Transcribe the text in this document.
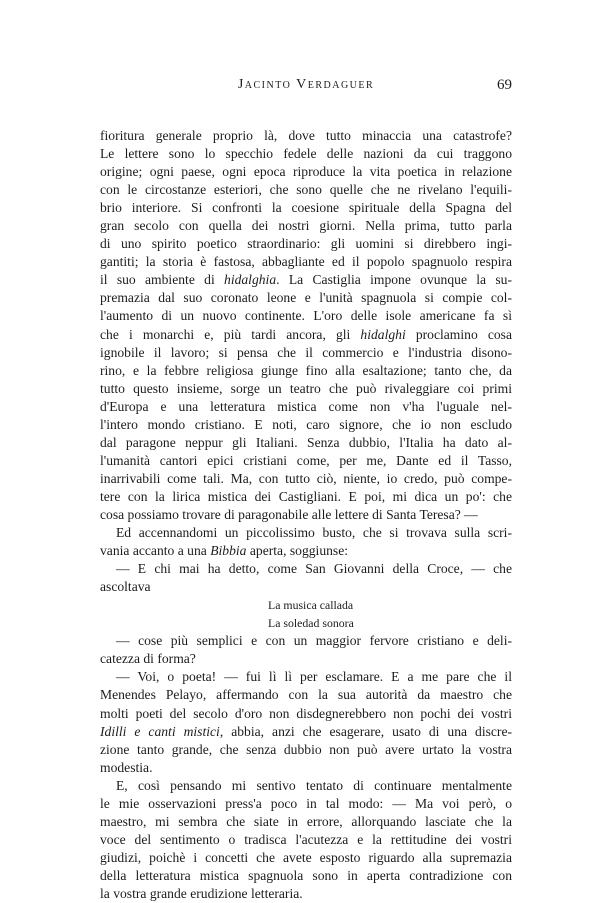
Jacinto Verdaguer	69
fioritura generale proprio là, dove tutto minaccia una catastrofe?
Le lettere sono lo specchio fedele delle nazioni da cui traggono
origine; ogni paese, ogni epoca riproduce la vita poetica in relazione
con le circostanze esteriori, che sono quelle che ne rivelano l'equili-
brio interiore. Si confronti la coesione spirituale della Spagna del
gran secolo con quella dei nostri giorni. Nella prima, tutto parla
di uno spirito poetico straordinario: gli uomini si direbbero ingi-
gantiti; la storia è fastosa, abbagliante ed il popolo spagnuolo respira
il suo ambiente di hidalghia. La Castiglia impone ovunque la su-
premazia dal suo coronato leone e l'unità spagnuola si compie col-
l'aumento di un nuovo continente. L'oro delle isole americane fa sì
che i monarchi e, più tardi ancora, gli hidalghi proclamino cosa
ignobile il lavoro; si pensa che il commercio e l'industria disono-
rino, e la febbre religiosa giunge fino alla esaltazione; tanto che, da
tutto questo insieme, sorge un teatro che può rivaleggiare coi primi
d'Europa e una letteratura mistica come non v'ha l'uguale nel-
l'intero mondo cristiano. E noti, caro signore, che io non escludo
dal paragone neppur gli Italiani. Senza dubbio, l'Italia ha dato al-
l'umanità cantori epici cristiani come, per me, Dante ed il Tasso,
inarrivabili come tali. Ma, con tutto ciò, niente, io credo, può compe-
tere con la lirica mistica dei Castigliani. E poi, mi dica un po': che
cosa possiamo trovare di paragonabile alle lettere di Santa Teresa? —
Ed accennandomi un piccolissimo busto, che si trovava sulla scri-
vania accanto a una Bibbia aperta, soggiunse:
— E chi mai ha detto, come San Giovanni della Croce, — che
ascoltava
La musica callada
La soledad sonora
— cose più semplici e con un maggior fervore cristiano e deli-
catezza di forma?
— Voi, o poeta! — fui lì lì per esclamare. E a me pare che il
Menendes Pelayo, affermando con la sua autorità da maestro che
molti poeti del secolo d'oro non disdegnerebbero non pochi dei vostri
Idilli e canti mistici, abbia, anzi che esagerare, usato di una discre-
zione tanto grande, che senza dubbio non può avere urtato la vostra
modestia.
E, così pensando mi sentivo tentato di continuare mentalmente
le mie osservazioni press'a poco in tal modo: — Ma voi però, o
maestro, mi sembra che siate in errore, allorquando lasciate che la
voce del sentimento o tradisca l'acutezza e la rettitudine dei vostri
giudizi, poichè i concetti che avete esposto riguardo alla supremazia
della letteratura mistica spagnuola sono in aperta contradizione con
la vostra grande erudizione letteraria.
